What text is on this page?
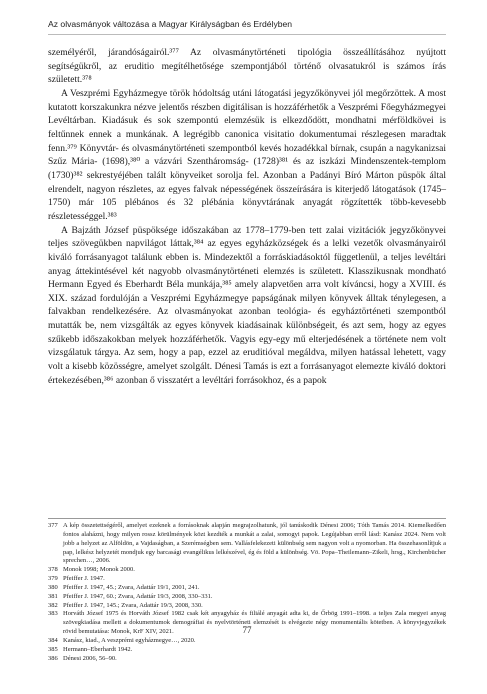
Az olvasmányok változása a Magyar Királyságban és Erdélyben

személyéről, járandóságairól.³⁷⁷ Az olvasmánytörténeti tipológia összeállításához nyújtott segítségükről, az eruditio megítélhetősége szempontjából történő olvasatukról is számos írás született.³⁷⁸

A Veszprémi Egyházmegye török hódoltság utáni látogatási jegyzőkönyvei jól megőrzöttek. A most kutatott korszakunkra nézve jelentős részben digitálisan is hozzáférhetők a Veszprémi Főegyházmegyei Levéltárban. Kiadásuk és sok szempontú elemzésük is elkezdődött, mondhatni mérföldkövei is feltűnnek ennek a munkának. A legrégibb canonica visitatio dokumentumai részlegesen maradtak fenn.³⁷⁹ Könyvtár- és olvasmánytörténeti szempontból kevés hozadékkal bírnak, csupán a nagykanizsai Szűz Mária- (1698),³⁸⁰ a vázvári Szentháromság- (1728)³⁸¹ és az iszkázi Mindenszentek-templom (1730)³⁸² sekrestyéjében talált könyveiket sorolja fel. Azonban a Padányi Bíró Márton püspök által elrendelt, nagyon részletes, az egyes falvak népességének összeírására is kiterjedő látogatások (1745–1750) már 105 plébános és 32 plébánia könyvtárának anyagát rögzítették több-kevesebb részletességgel.³⁸³

A Bajzáth József püspöksége időszakában az 1778–1779-ben tett zalai vizitációk jegyzőkönyvei teljes szövegükben napvilágot láttak,³⁸⁴ az egyes egyházközségek és a lelki vezetők olvasmányairól kiváló forrásanyagot találunk ebben is. Mindezektől a forráskiadásoktól függetlenül, a teljes levéltári anyag áttekintésével két nagyobb olvasmánytörténeti elemzés is született. Klasszikusnak mondható Hermann Egyed és Eberhardt Béla munkája,³⁸⁵ amely alapvetően arra volt kíváncsi, hogy a XVIII. és XIX. század fordulóján a Veszprémi Egyházmegye papságának milyen könyvek álltak ténylegesen, a falvakban rendelkezésére. Az olvasmányokat azonban teológia- és egyháztörténeti szempontból mutatták be, nem vizsgálták az egyes könyvek kiadásainak különbségeit, és azt sem, hogy az egyes szűkebb időszakokban melyek hozzáférhetők. Vagyis egy-egy mű elterjedésének a története nem volt vizsgálatuk tárgya. Az sem, hogy a pap, ezzel az eruditióval megáldva, milyen hatással lehetett, vagy volt a kisebb közösségre, amelyet szolgált. Dénesi Tamás is ezt a forrásanyagot elemezte kiváló doktori értekezésében,³⁸⁶ azonban ő visszatért a levéltári forrásokhoz, és a papok

377 A kép összetettségéről, amelyet ezeknek a forrásoknak alapján megrajzolhatunk, jól tanúskodik Dénesi 2006; Tóth Tamás 2014. Kiemelkedően fontos alaházni, hogy milyen rossz körülmények közt kezdték a munkát a zalai, somogyi papok. Legújabban erről lásd: Kanász 2024. Nem volt jobb a helyzet az Alföldön, a Vajdaságban, a Szerémségben sem. Vallásfelekezeti különbség sem nagyon volt a nyomorban. Ha összehasonlítjuk a pap, lelkész helyzetét mondjuk egy barcasági evangélikus lelkészével, ég és föld a különbség. Vö. Popa–Theilemann–Zikeli, hrsg., Kirchenbücher sprechen…, 2006.
378 Monok 1998; Monok 2000.
379 Pfeiffer J. 1947.
380 Pfeiffer J. 1947, 45.; Zvara, Adattár 19/1, 2001, 241.
381 Pfeiffer J. 1947, 60.; Zvara, Adattár 19/3, 2008, 330–331.
382 Pfeiffer J. 1947, 145.; Zvara, Adattár 19/3, 2008, 330.
383 Horváth József 1975 és Horváth József 1982 csak két anyagyház és filiálé anyagát adta ki, de Őrbög 1991–1998. a teljes Zala megyei anyag szövegkiadása mellett a dokumentumok demográfiai és nyelvtörténeti elemzését is elvégezte négy monumentális kötetben. A könyvjegyzékek rövid bemutatása: Monok, KrF XIV, 2021.
384 Kanász, kiad., A veszprémi egyházmegye…, 2020.
385 Hermann–Eberhardt 1942.
386 Dénesi 2006, 56–90.
77
